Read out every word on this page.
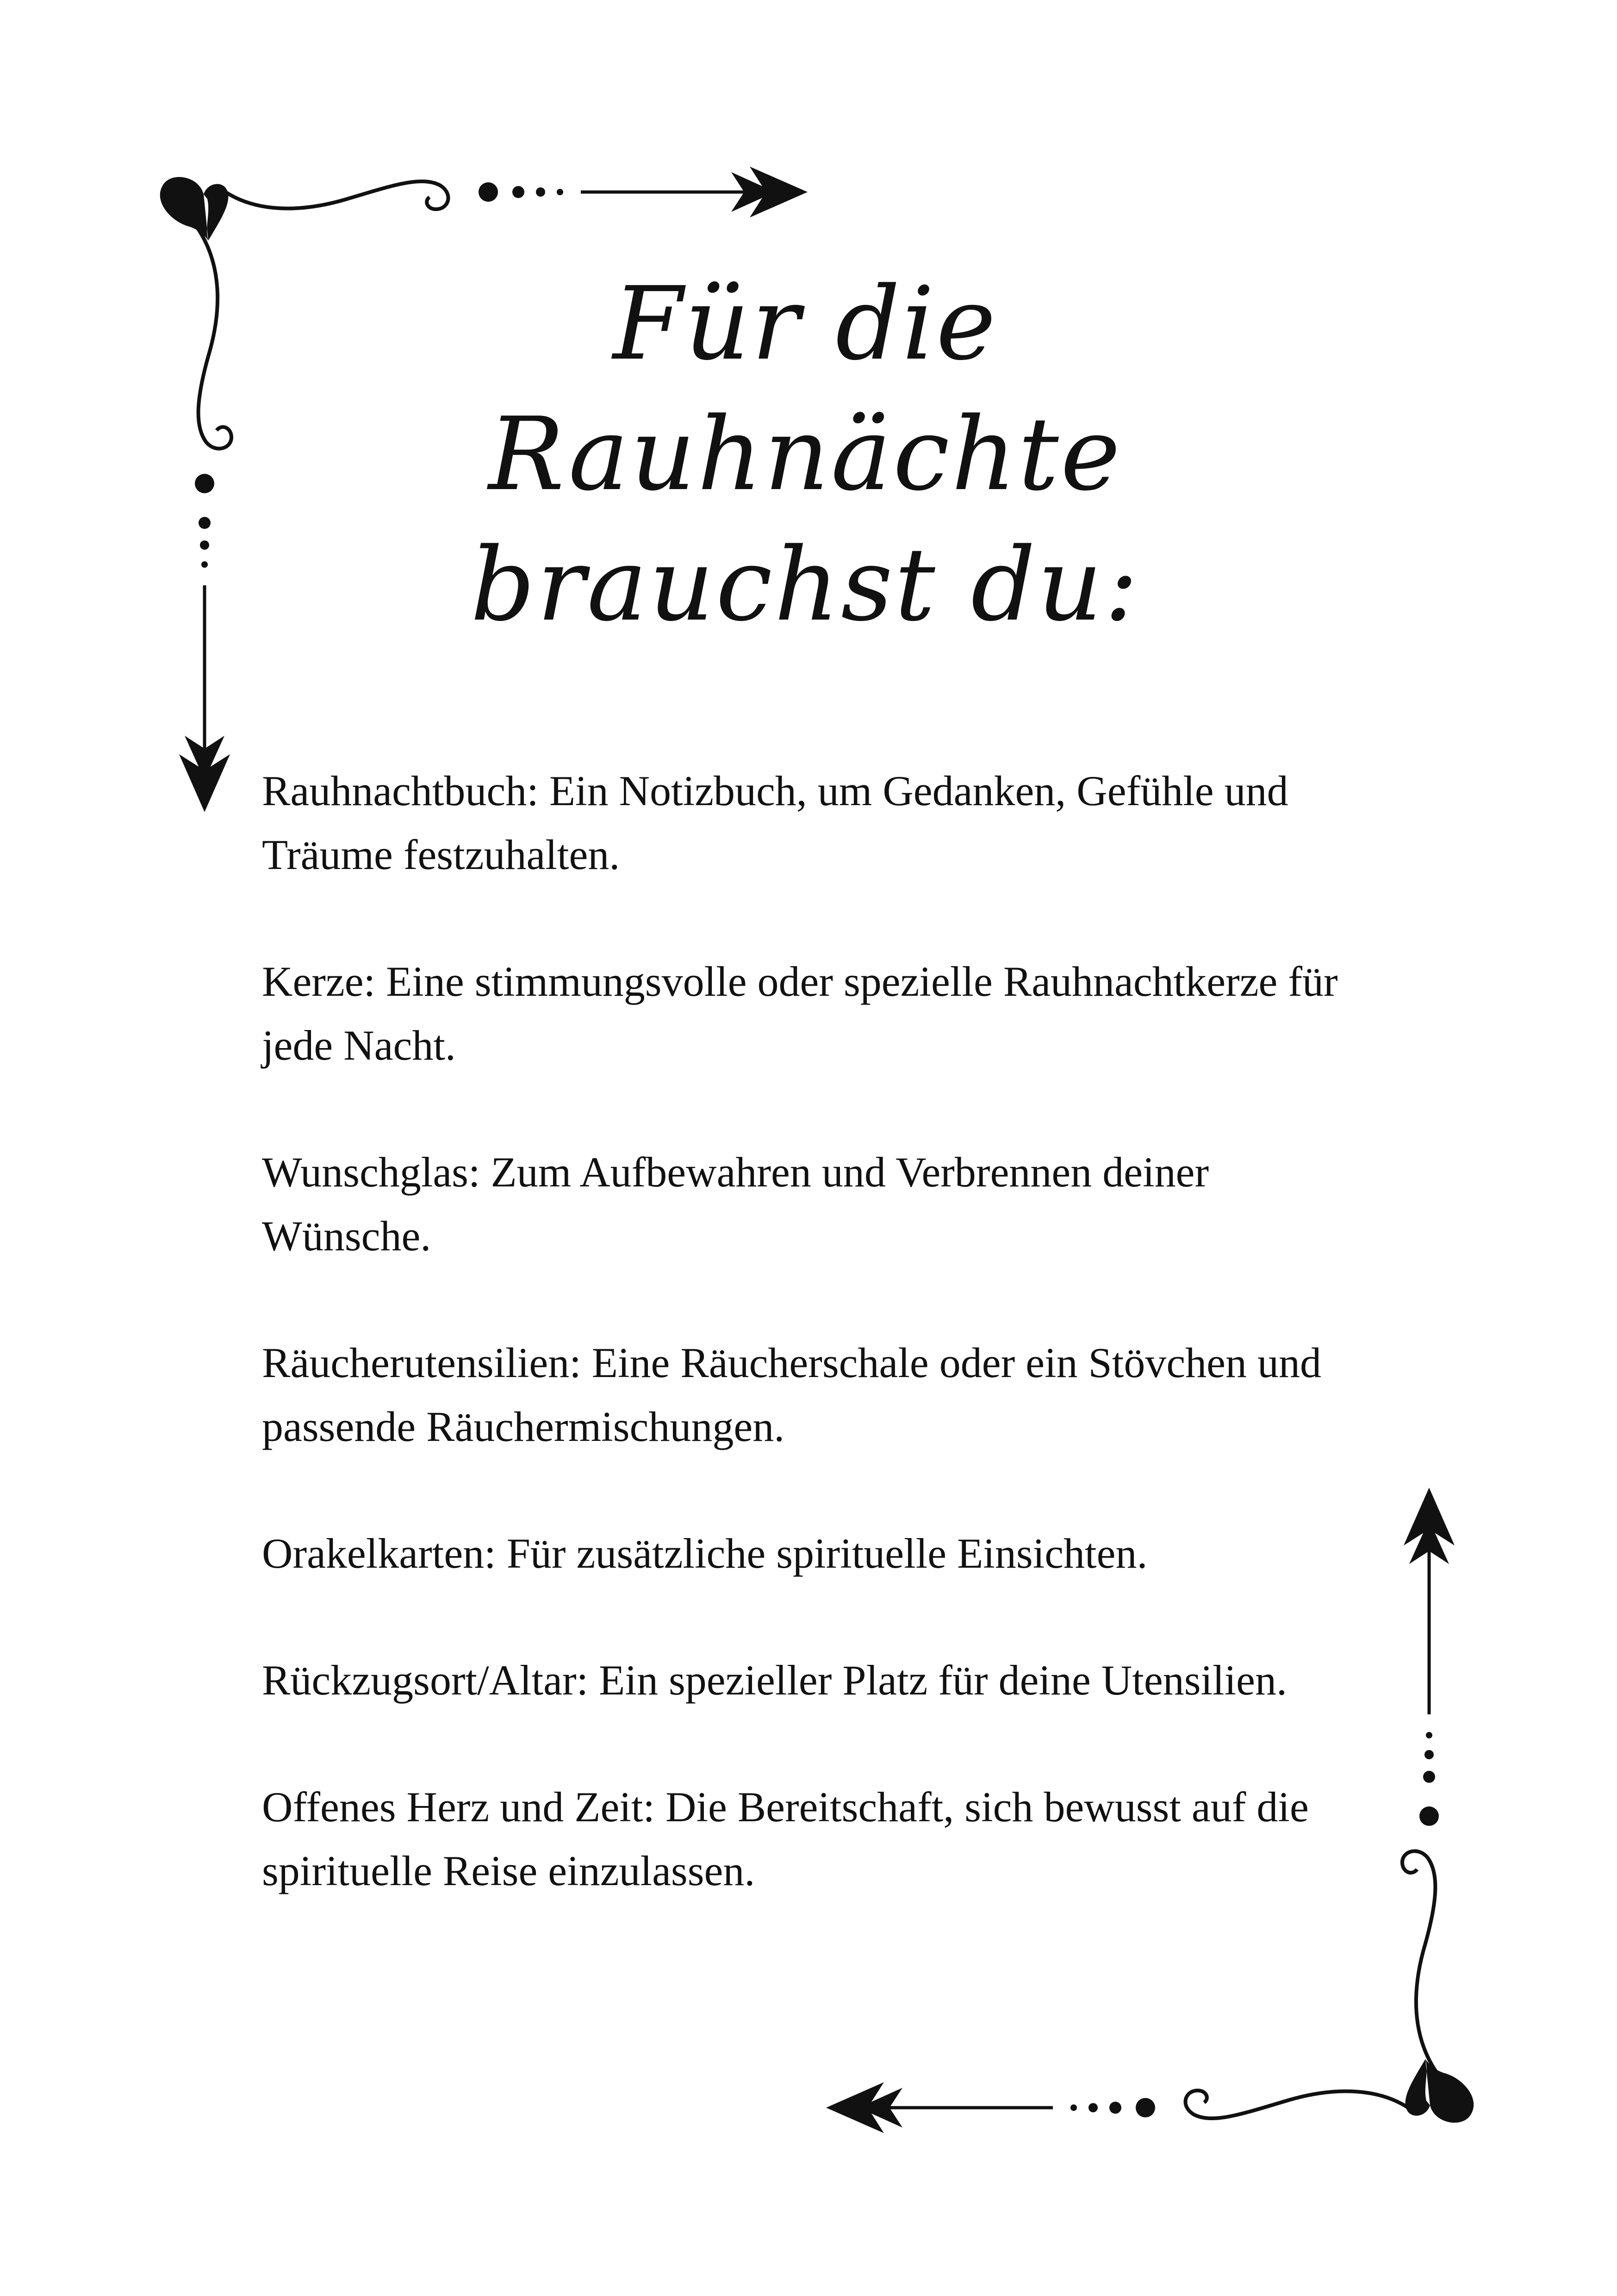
Für die
Rauhnächte
brauchst du:
Rauhnachtbuch: Ein Notizbuch, um Gedanken, Gefühle und Träume festzuhalten.
Kerze: Eine stimmungsvolle oder spezielle Rauhnachtkerze für jede Nacht.
Wunschglas: Zum Aufbewahren und Verbrennen deiner Wünsche.
Räucherutensilien: Eine Räucherschale oder ein Stövchen und passende Räuchermischungen.
Orakelkarten: Für zusätzliche spirituelle Einsichten.
Rückzugsort/Altar: Ein spezieller Platz für deine Utensilien.
Offenes Herz und Zeit: Die Bereitschaft, sich bewusst auf die spirituelle Reise einzulassen.
